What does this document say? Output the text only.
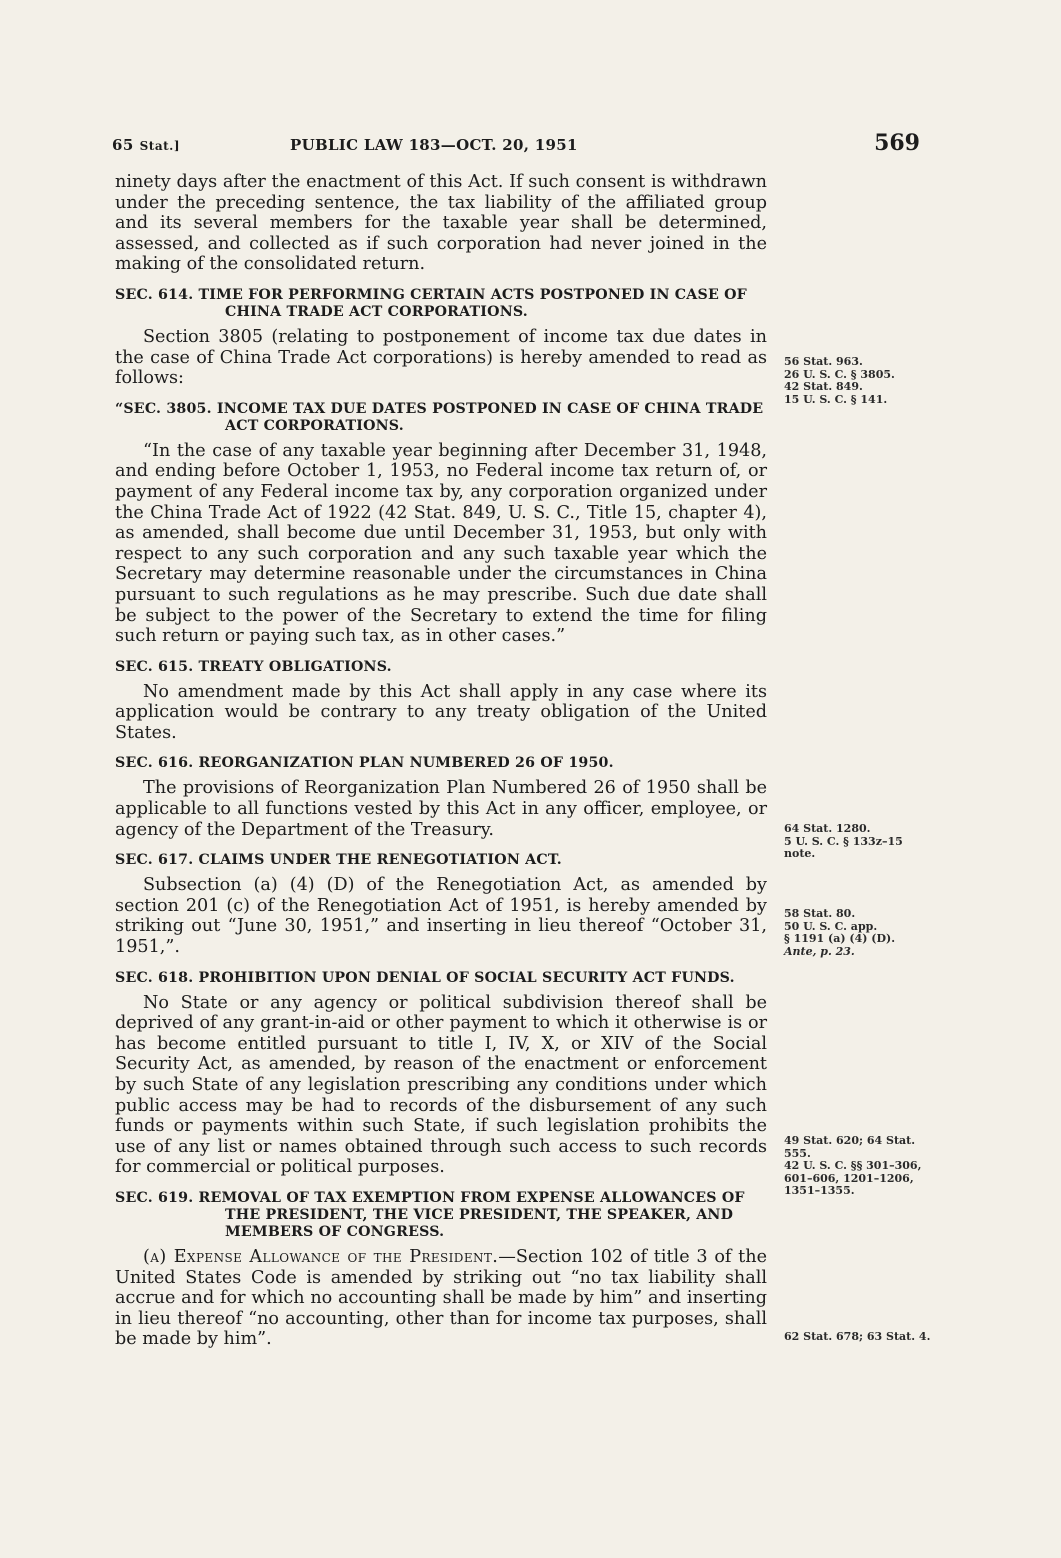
65 Stat.]	PUBLIC LAW 183—OCT. 20, 1951	569

ninety days after the enactment of this Act. If such consent is withdrawn under the preceding sentence, the tax liability of the affiliated group and its several members for the taxable year shall be determined, assessed, and collected as if such corporation had never joined in the making of the consolidated return.

SEC. 614. TIME FOR PERFORMING CERTAIN ACTS POSTPONED IN CASE OF CHINA TRADE ACT CORPORATIONS.

Section 3805 (relating to postponement of income tax due dates in the case of China Trade Act corporations) is hereby amended to read as follows:

“SEC. 3805. INCOME TAX DUE DATES POSTPONED IN CASE OF CHINA TRADE ACT CORPORATIONS.

“In the case of any taxable year beginning after December 31, 1948, and ending before October 1, 1953, no Federal income tax return of, or payment of any Federal income tax by, any corporation organized under the China Trade Act of 1922 (42 Stat. 849, U. S. C., Title 15, chapter 4), as amended, shall become due until December 31, 1953, but only with respect to any such corporation and any such taxable year which the Secretary may determine reasonable under the circumstances in China pursuant to such regulations as he may prescribe. Such due date shall be subject to the power of the Secretary to extend the time for filing such return or paying such tax, as in other cases.”

SEC. 615. TREATY OBLIGATIONS.

No amendment made by this Act shall apply in any case where its application would be contrary to any treaty obligation of the United States.

SEC. 616. REORGANIZATION PLAN NUMBERED 26 OF 1950.

The provisions of Reorganization Plan Numbered 26 of 1950 shall be applicable to all functions vested by this Act in any officer, employee, or agency of the Department of the Treasury.

SEC. 617. CLAIMS UNDER THE RENEGOTIATION ACT.

Subsection (a) (4) (D) of the Renegotiation Act, as amended by section 201 (c) of the Renegotiation Act of 1951, is hereby amended by striking out “June 30, 1951,” and inserting in lieu thereof “October 31, 1951,”.

SEC. 618. PROHIBITION UPON DENIAL OF SOCIAL SECURITY ACT FUNDS.

No State or any agency or political subdivision thereof shall be deprived of any grant-in-aid or other payment to which it otherwise is or has become entitled pursuant to title I, IV, X, or XIV of the Social Security Act, as amended, by reason of the enactment or enforcement by such State of any legislation prescribing any conditions under which public access may be had to records of the disbursement of any such funds or payments within such State, if such legislation prohibits the use of any list or names obtained through such access to such records for commercial or political purposes.

SEC. 619. REMOVAL OF TAX EXEMPTION FROM EXPENSE ALLOWANCES OF THE PRESIDENT, THE VICE PRESIDENT, THE SPEAKER, AND MEMBERS OF CONGRESS.

(a) Expense Allowance of the President.—Section 102 of title 3 of the United States Code is amended by striking out “no tax liability shall accrue and for which no accounting shall be made by him” and inserting in lieu thereof “no accounting, other than for income tax purposes, shall be made by him”.

56 Stat. 963.
26 U. S. C. § 3805.
42 Stat. 849.
15 U. S. C. § 141.
64 Stat. 1280.
5 U. S. C. § 133z–15 note.
58 Stat. 80.
50 U. S. C. app.
§ 1191 (a) (4) (D).
Ante, p. 23.
49 Stat. 620; 64 Stat. 555.
42 U. S. C. §§ 301–306, 601–606, 1201–1206, 1351–1355.
62 Stat. 678; 63 Stat. 4.
